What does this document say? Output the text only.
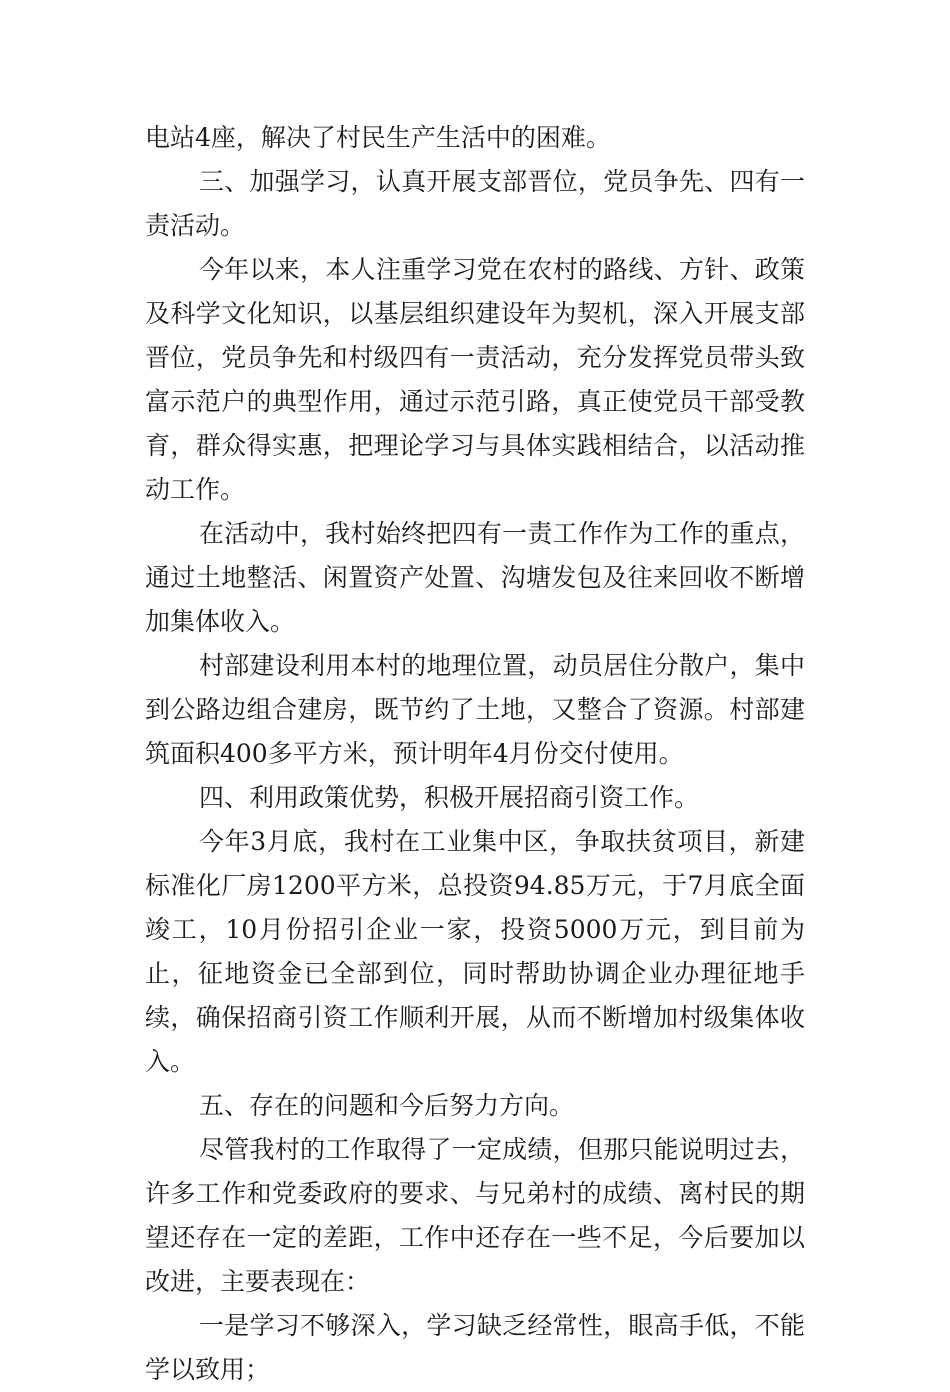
电站4座，解决了村民生产生活中的困难。

三、加强学习，认真开展支部晋位，党员争先、四有一责活动。

今年以来，本人注重学习党在农村的路线、方针、政策及科学文化知识，以基层组织建设年为契机，深入开展支部晋位，党员争先和村级四有一责活动，充分发挥党员带头致富示范户的典型作用，通过示范引路，真正使党员干部受教育，群众得实惠，把理论学习与具体实践相结合，以活动推动工作。

在活动中，我村始终把四有一责工作作为工作的重点，通过土地整活、闲置资产处置、沟塘发包及往来回收不断增加集体收入。

村部建设利用本村的地理位置，动员居住分散户，集中到公路边组合建房，既节约了土地，又整合了资源。村部建筑面积400多平方米，预计明年4月份交付使用。

四、利用政策优势，积极开展招商引资工作。

今年3月底，我村在工业集中区，争取扶贫项目，新建标准化厂房1200平方米，总投资94.85万元，于7月底全面竣工，10月份招引企业一家，投资5000万元，到目前为止，征地资金已全部到位，同时帮助协调企业办理征地手续，确保招商引资工作顺利开展，从而不断增加村级集体收入。

五、存在的问题和今后努力方向。

尽管我村的工作取得了一定成绩，但那只能说明过去，许多工作和党委政府的要求、与兄弟村的成绩、离村民的期望还存在一定的差距，工作中还存在一些不足，今后要加以改进，主要表现在：

一是学习不够深入，学习缺乏经常性，眼高手低，不能学以致用；
